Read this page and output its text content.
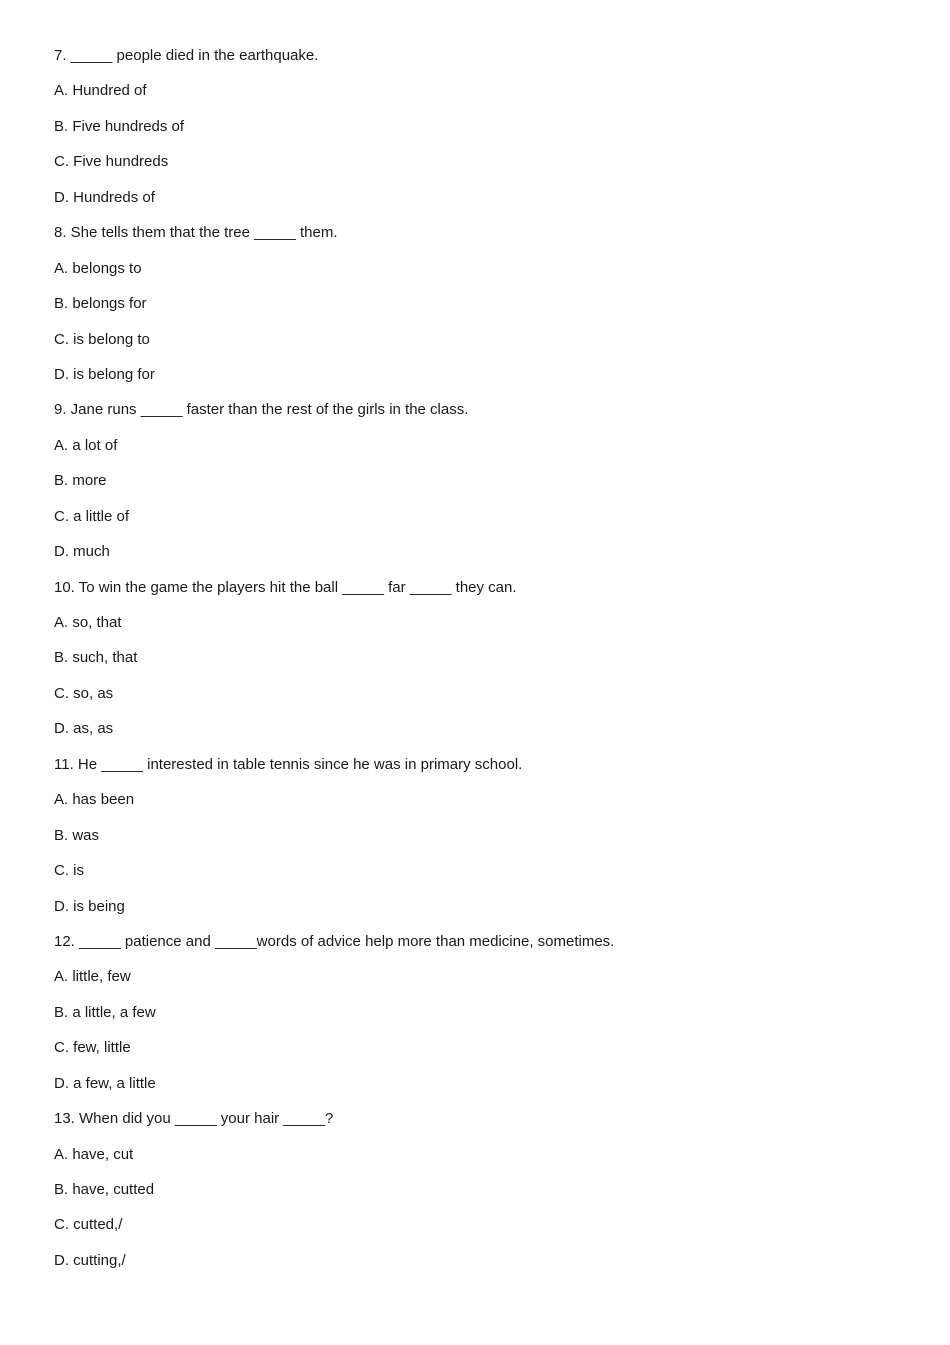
7. _____ people died in the earthquake.
A. Hundred of
B. Five hundreds of
C. Five hundreds
D. Hundreds of
8. She tells them that the tree _____ them.
A. belongs to
B. belongs for
C. is belong to
D. is belong for
9. Jane runs _____ faster than the rest of the girls in the class.
A. a lot of
B. more
C. a little of
D. much
10. To win the game the players hit the ball _____ far _____ they can.
A. so, that
B. such, that
C. so, as
D. as, as
11. He _____ interested in table tennis since he was in primary school.
A. has been
B. was
C. is
D. is being
12. _____ patience and _____words of advice help more than medicine, sometimes.
A. little, few
B. a little, a few
C. few, little
D. a few, a little
13. When did you _____ your hair _____?
A. have, cut
B. have, cutted
C. cutted,/
D. cutting,/
